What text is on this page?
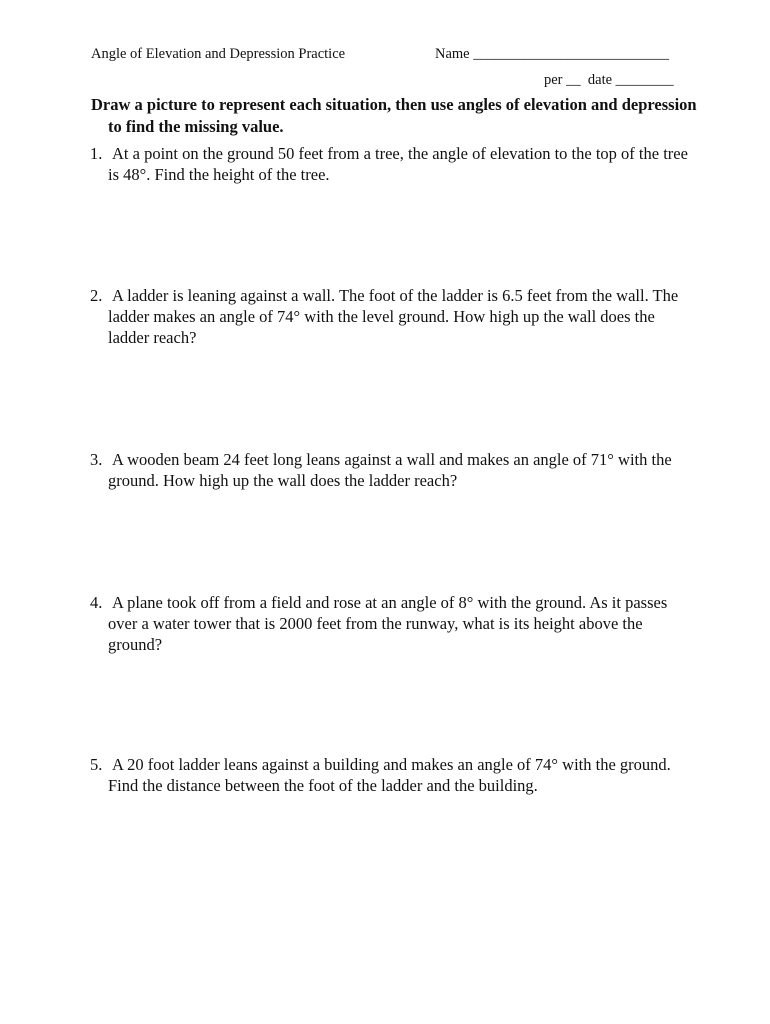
Angle of Elevation and Depression Practice	Name ___________________________
per __  date ________
Draw a picture to represent each situation, then use angles of elevation and depression to find the missing value.
1. At a point on the ground 50 feet from a tree, the angle of elevation to the top of the tree is 48°. Find the height of the tree.
2. A ladder is leaning against a wall. The foot of the ladder is 6.5 feet from the wall. The ladder makes an angle of 74° with the level ground. How high up the wall does the ladder reach?
3. A wooden beam 24 feet long leans against a wall and makes an angle of 71° with the ground. How high up the wall does the ladder reach?
4. A plane took off from a field and rose at an angle of 8° with the ground. As it passes over a water tower that is 2000 feet from the runway, what is its height above the ground?
5. A 20 foot ladder leans against a building and makes an angle of 74° with the ground. Find the distance between the foot of the ladder and the building.
